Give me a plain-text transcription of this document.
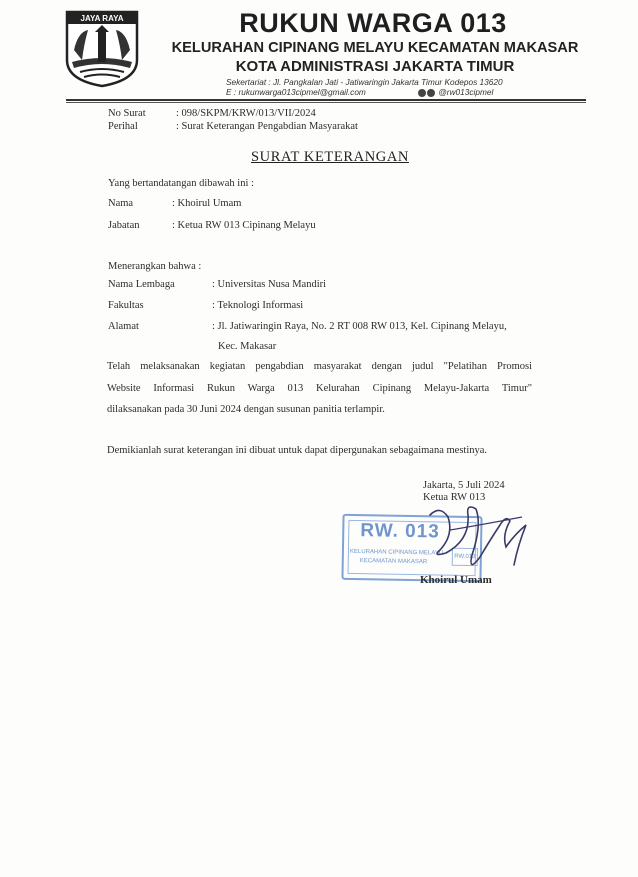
JAYA RAYA	RUKUN WARGA 013
KELURAHAN CIPINANG MELAYU KECAMATAN MAKASAR
KOTA ADMINISTRASI JAKARTA TIMUR
Sekertariat : Jl. Pangkalan Jati - Jatiwaringin Jakarta Timur Kodepos 13620
E : rukunwarga013cipmel@gmail.com	@rw013cipmel
No Surat	: 098/SKPM/KRW/013/VII/2024
Perihal	: Surat Keterangan Pengabdian Masyarakat
SURAT KETERANGAN
Yang bertandatangan dibawah ini :
Nama	: Khoirul Umam
Jabatan	: Ketua RW 013 Cipinang Melayu
Menerangkan bahwa :
Nama Lembaga	: Universitas Nusa Mandiri
Fakultas	: Teknologi Informasi
Alamat	: Jl. Jatiwaringin Raya, No. 2 RT 008 RW 013, Kel. Cipinang Melayu,
Kec. Makasar
Telah melaksanakan kegiatan pengabdian masyarakat dengan judul "Pelatihan Promosi
Website Informasi Rukun Warga 013 Kelurahan Cipinang Melayu-Jakarta Timur"
dilaksanakan pada 30 Juni 2024 dengan susunan panitia terlampir.
Demikianlah surat keterangan ini dibuat untuk dapat dipergunakan sebagaimana mestinya.
Jakarta, 5 Juli 2024
Ketua RW 013
RW. 013
KELURAHAN CIPINANG MELAYU
KECAMATAN MAKASAR
RW.013
Khoirul Umam
